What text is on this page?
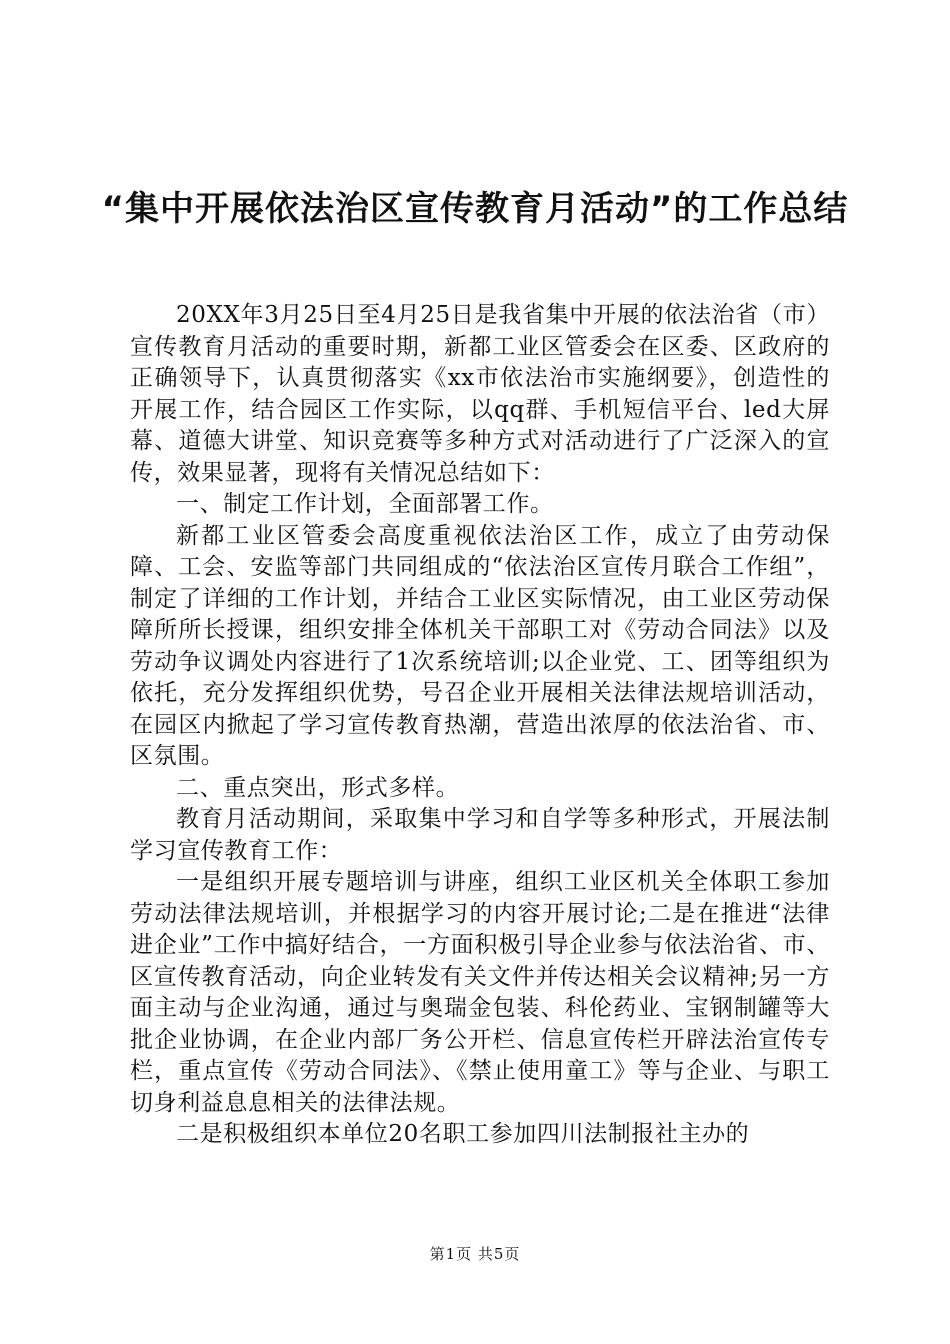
“集中开展依法治区宣传教育月活动”的工作总结

20XX年3月25日至4月25日是我省集中开展的依法治省（市）宣传教育月活动的重要时期，新都工业区管委会在区委、区政府的正确领导下，认真贯彻落实《xx市依法治市实施纲要》，创造性的开展工作，结合园区工作实际，以qq群、手机短信平台、led大屏幕、道德大讲堂、知识竞赛等多种方式对活动进行了广泛深入的宣传，效果显著，现将有关情况总结如下：

一、制定工作计划，全面部署工作。

新都工业区管委会高度重视依法治区工作，成立了由劳动保障、工会、安监等部门共同组成的“依法治区宣传月联合工作组”，制定了详细的工作计划，并结合工业区实际情况，由工业区劳动保障所所长授课，组织安排全体机关干部职工对《劳动合同法》以及劳动争议调处内容进行了1次系统培训;以企业党、工、团等组织为依托，充分发挥组织优势，号召企业开展相关法律法规培训活动，在园区内掀起了学习宣传教育热潮，营造出浓厚的依法治省、市、区氛围。

二、重点突出，形式多样。

教育月活动期间，采取集中学习和自学等多种形式，开展法制学习宣传教育工作：

一是组织开展专题培训与讲座，组织工业区机关全体职工参加劳动法律法规培训，并根据学习的内容开展讨论;二是在推进“法律进企业”工作中搞好结合，一方面积极引导企业参与依法治省、市、区宣传教育活动，向企业转发有关文件并传达相关会议精神;另一方面主动与企业沟通，通过与奥瑞金包装、科伦药业、宝钢制罐等大批企业协调，在企业内部厂务公开栏、信息宣传栏开辟法治宣传专栏，重点宣传《劳动合同法》、《禁止使用童工》等与企业、与职工切身利益息息相关的法律法规。

二是积极组织本单位20名职工参加四川法制报社主办的

第1页 共5页
